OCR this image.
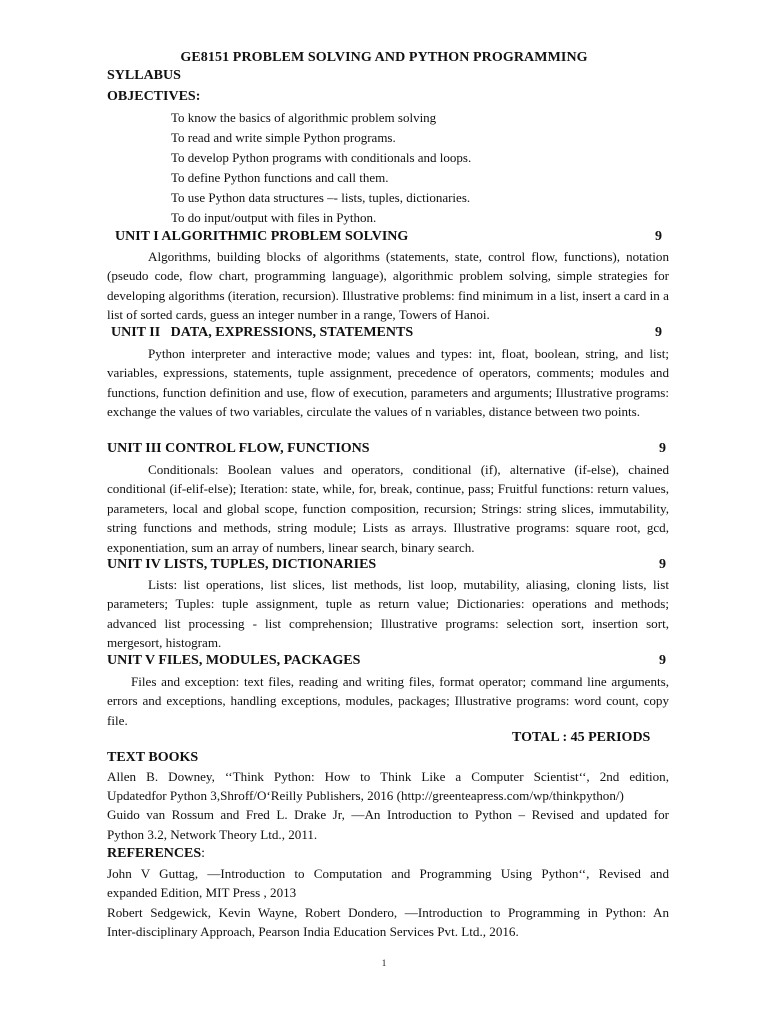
GE8151 PROBLEM SOLVING AND PYTHON PROGRAMMING
SYLLABUS
OBJECTIVES:
To know the basics of algorithmic problem solving
To read and write simple Python programs.
To develop Python programs with conditionals and loops.
To define Python functions and call them.
To use Python data structures –- lists, tuples, dictionaries.
To do input/output with files in Python.
UNIT I ALGORITHMIC PROBLEM SOLVING	9
Algorithms, building blocks of algorithms (statements, state, control flow, functions), notation (pseudo code, flow chart, programming language), algorithmic problem solving, simple strategies for developing algorithms (iteration, recursion). Illustrative problems: find minimum in a list, insert a card in a list of sorted cards, guess an integer number in a range, Towers of Hanoi.
UNIT II   DATA, EXPRESSIONS, STATEMENTS	9
Python interpreter and interactive mode; values and types: int, float, boolean, string, and list; variables, expressions, statements, tuple assignment, precedence of operators, comments; modules and functions, function definition and use, flow of execution, parameters and arguments; Illustrative programs: exchange the values of two variables, circulate the values of n variables, distance between two points.
UNIT III CONTROL FLOW, FUNCTIONS	9
Conditionals: Boolean values and operators, conditional (if), alternative (if-else), chained conditional (if-elif-else); Iteration: state, while, for, break, continue, pass; Fruitful functions: return values, parameters, local and global scope, function composition, recursion; Strings: string slices, immutability, string functions and methods, string module; Lists as arrays. Illustrative programs: square root, gcd, exponentiation, sum an array of numbers, linear search, binary search.
UNIT IV LISTS, TUPLES, DICTIONARIES	9
Lists: list operations, list slices, list methods, list loop, mutability, aliasing, cloning lists, list parameters; Tuples: tuple assignment, tuple as return value; Dictionaries: operations and methods; advanced list processing - list comprehension; Illustrative programs: selection sort, insertion sort, mergesort, histogram.
UNIT V FILES, MODULES, PACKAGES	9
Files and exception: text files, reading and writing files, format operator; command line arguments, errors and exceptions, handling exceptions, modules, packages; Illustrative programs: word count, copy file.
TOTAL : 45 PERIODS
TEXT BOOKS
Allen B. Downey, ‘‘Think Python: How to Think Like a Computer Scientist‘‘, 2nd edition,
Updatedfor Python 3,Shroff/O‘Reilly Publishers, 2016 (http://greenteapress.com/wp/thinkpython/)
Guido van Rossum and Fred L. Drake Jr, —An Introduction to Python – Revised and updated for
Python 3.2, Network Theory Ltd., 2011.
REFERENCES:
John V Guttag, —Introduction to Computation and Programming Using Python‘‘, Revised and
expanded Edition, MIT Press , 2013
Robert Sedgewick, Kevin Wayne, Robert Dondero, —Introduction to Programming in Python: An
Inter-disciplinary Approach, Pearson India Education Services Pvt. Ltd., 2016.
1
